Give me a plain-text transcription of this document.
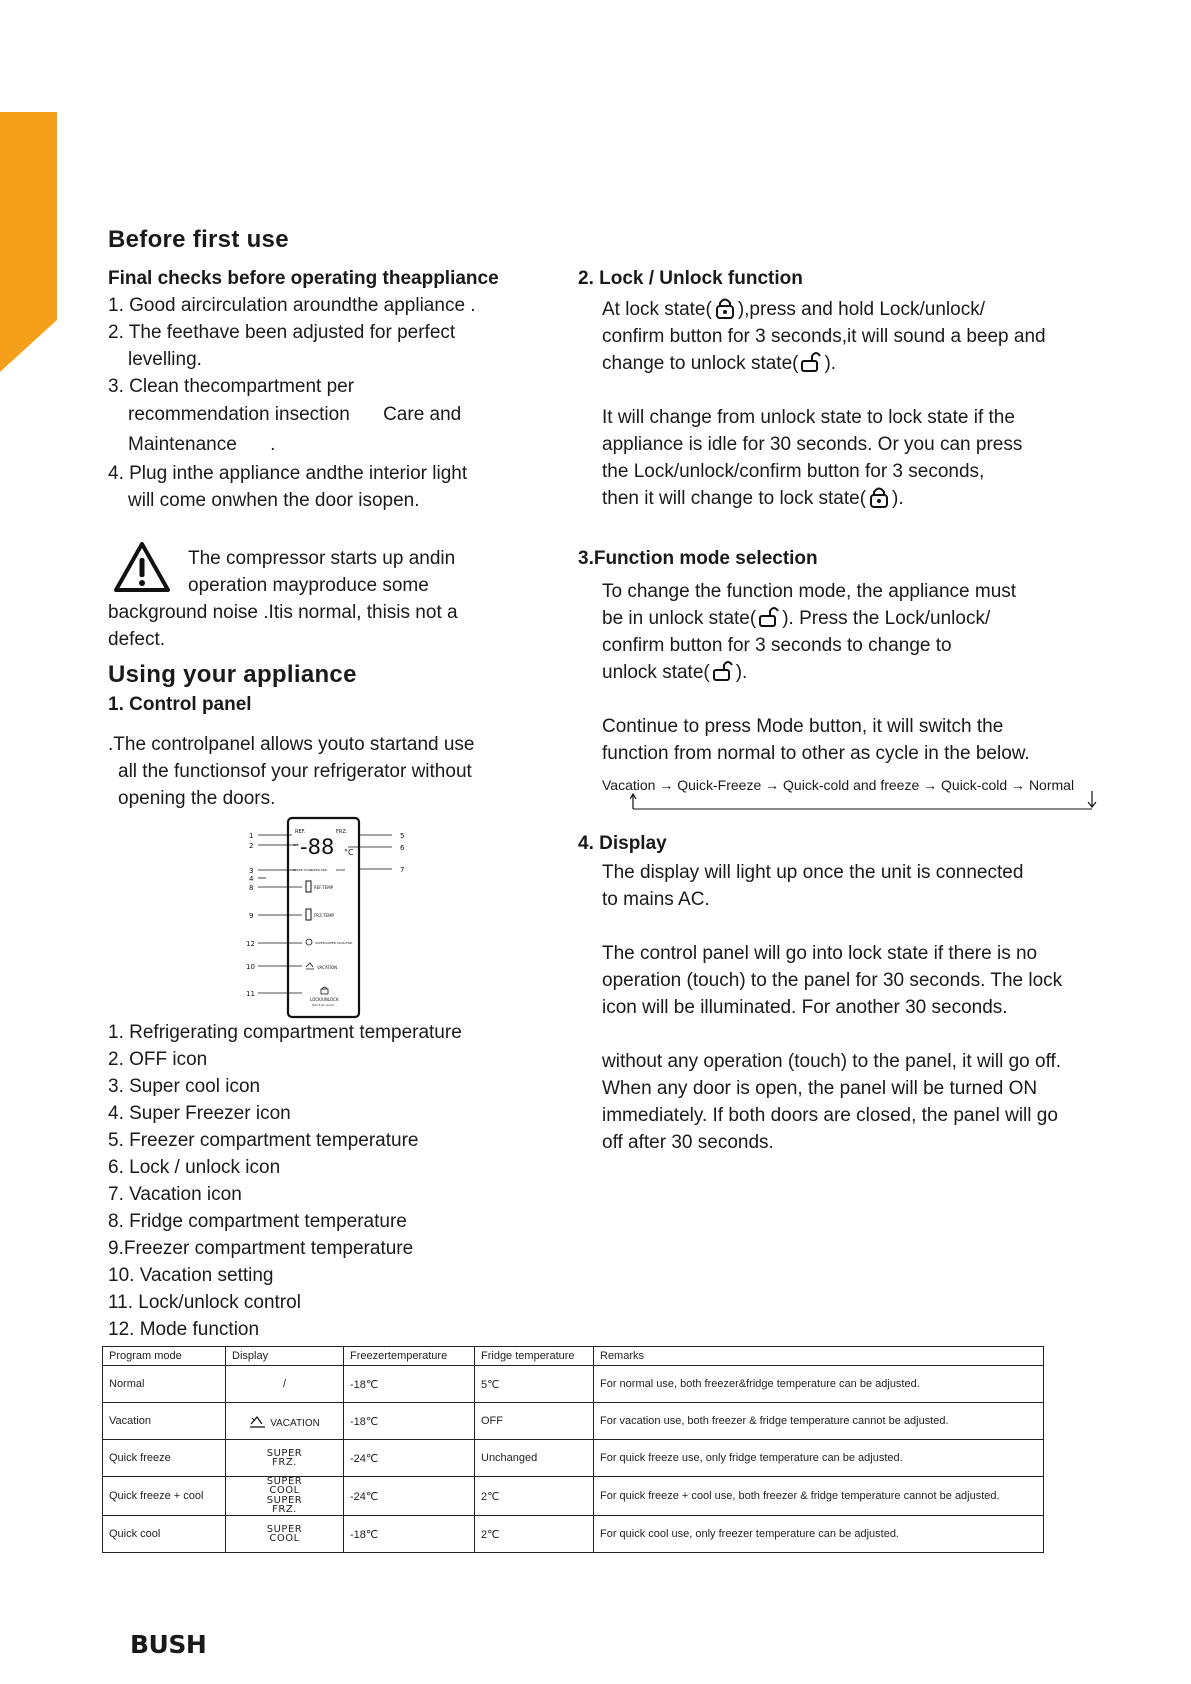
Before first use

Final checks before operating theappliance

1. Good aircirculation aroundthe appliance .
2. The feethave been adjusted for perfect
levelling.
3. Clean thecompartment per
recommendation insection Care and
Maintenance .
4. Plug inthe appliance andthe interior light
will come onwhen the door isopen.
The compressor starts up andin
operation mayproduce some
background noise .Itis normal, thisis not a
defect.
Using your appliance

1. Control panel

.The controlpanel allows youto startand use
all the functionsof your refrigerator without
opening the doors.
1
2
3
4
8
9
12
10
11
5
6
7
REF.	FRZ.
OFF -88 °C
SUPER COOL
SUPER FRZ.	MODE
REF.TEMP
FRZ.TEMP
SUPER/SUPER COOL/FRZ.
VACATION
LOCK/UNLOCK
Hold 3 sec unlock
1. Refrigerating compartment temperature
2. OFF icon
3. Super cool icon
4. Super Freezer icon
5. Freezer compartment temperature
6. Lock / unlock icon
7. Vacation icon
8. Fridge compartment temperature
9.Freezer compartment temperature
10. Vacation setting
11. Lock/unlock control
12. Mode function

2. Lock / Unlock function

At lock state( ),press and hold Lock/unlock/

confirm button for 3 seconds,it will sound a beep and

change to unlock state( ).

It will change from unlock state to lock state if the

appliance is idle for 30 seconds. Or you can press

the Lock/unlock/confirm button for 3 seconds,

then it will change to lock state( ).

3.Function mode selection

To change the function mode, the appliance must

be in unlock state( ). Press the Lock/unlock/

confirm button for 3 seconds to change to

unlock state( ).

Continue to press Mode button, it will switch the

function from normal to other as cycle in the below.

Vacation → Quick-Freeze → Quick-cold and freeze → Quick-cold → Normal

4. Display

The display will light up once the unit is connected

to mains AC.

The control panel will go into lock state if there is no

operation (touch) to the panel for 30 seconds. The lock

icon will be illuminated. For another 30 seconds.

without any operation (touch) to the panel, it will go off.

When any door is open, the panel will be turned ON

immediately. If both doors are closed, the panel will go

off after 30 seconds.

Program mode	Display	Freezertemperature	Fridge temperature	Remarks
Normal	/	-18℃	5℃	For normal use, both freezer&fridge temperature can be adjusted.
Vacation	VACATION	-18℃	OFF	For vacation use, both freezer & fridge temperature cannot be adjusted.
Quick freeze	SUPER FRZ.	-24℃	Unchanged	For quick freeze use, only fridge temperature can be adjusted.
Quick freeze + cool	SUPER COOL SUPER FRZ.	-24℃	2℃	For quick freeze + cool use, both freezer & fridge temperature cannot be adjusted.
Quick cool	SUPER COOL	-18℃	2℃	For quick cool use, only freezer temperature can be adjusted.
BUSH
